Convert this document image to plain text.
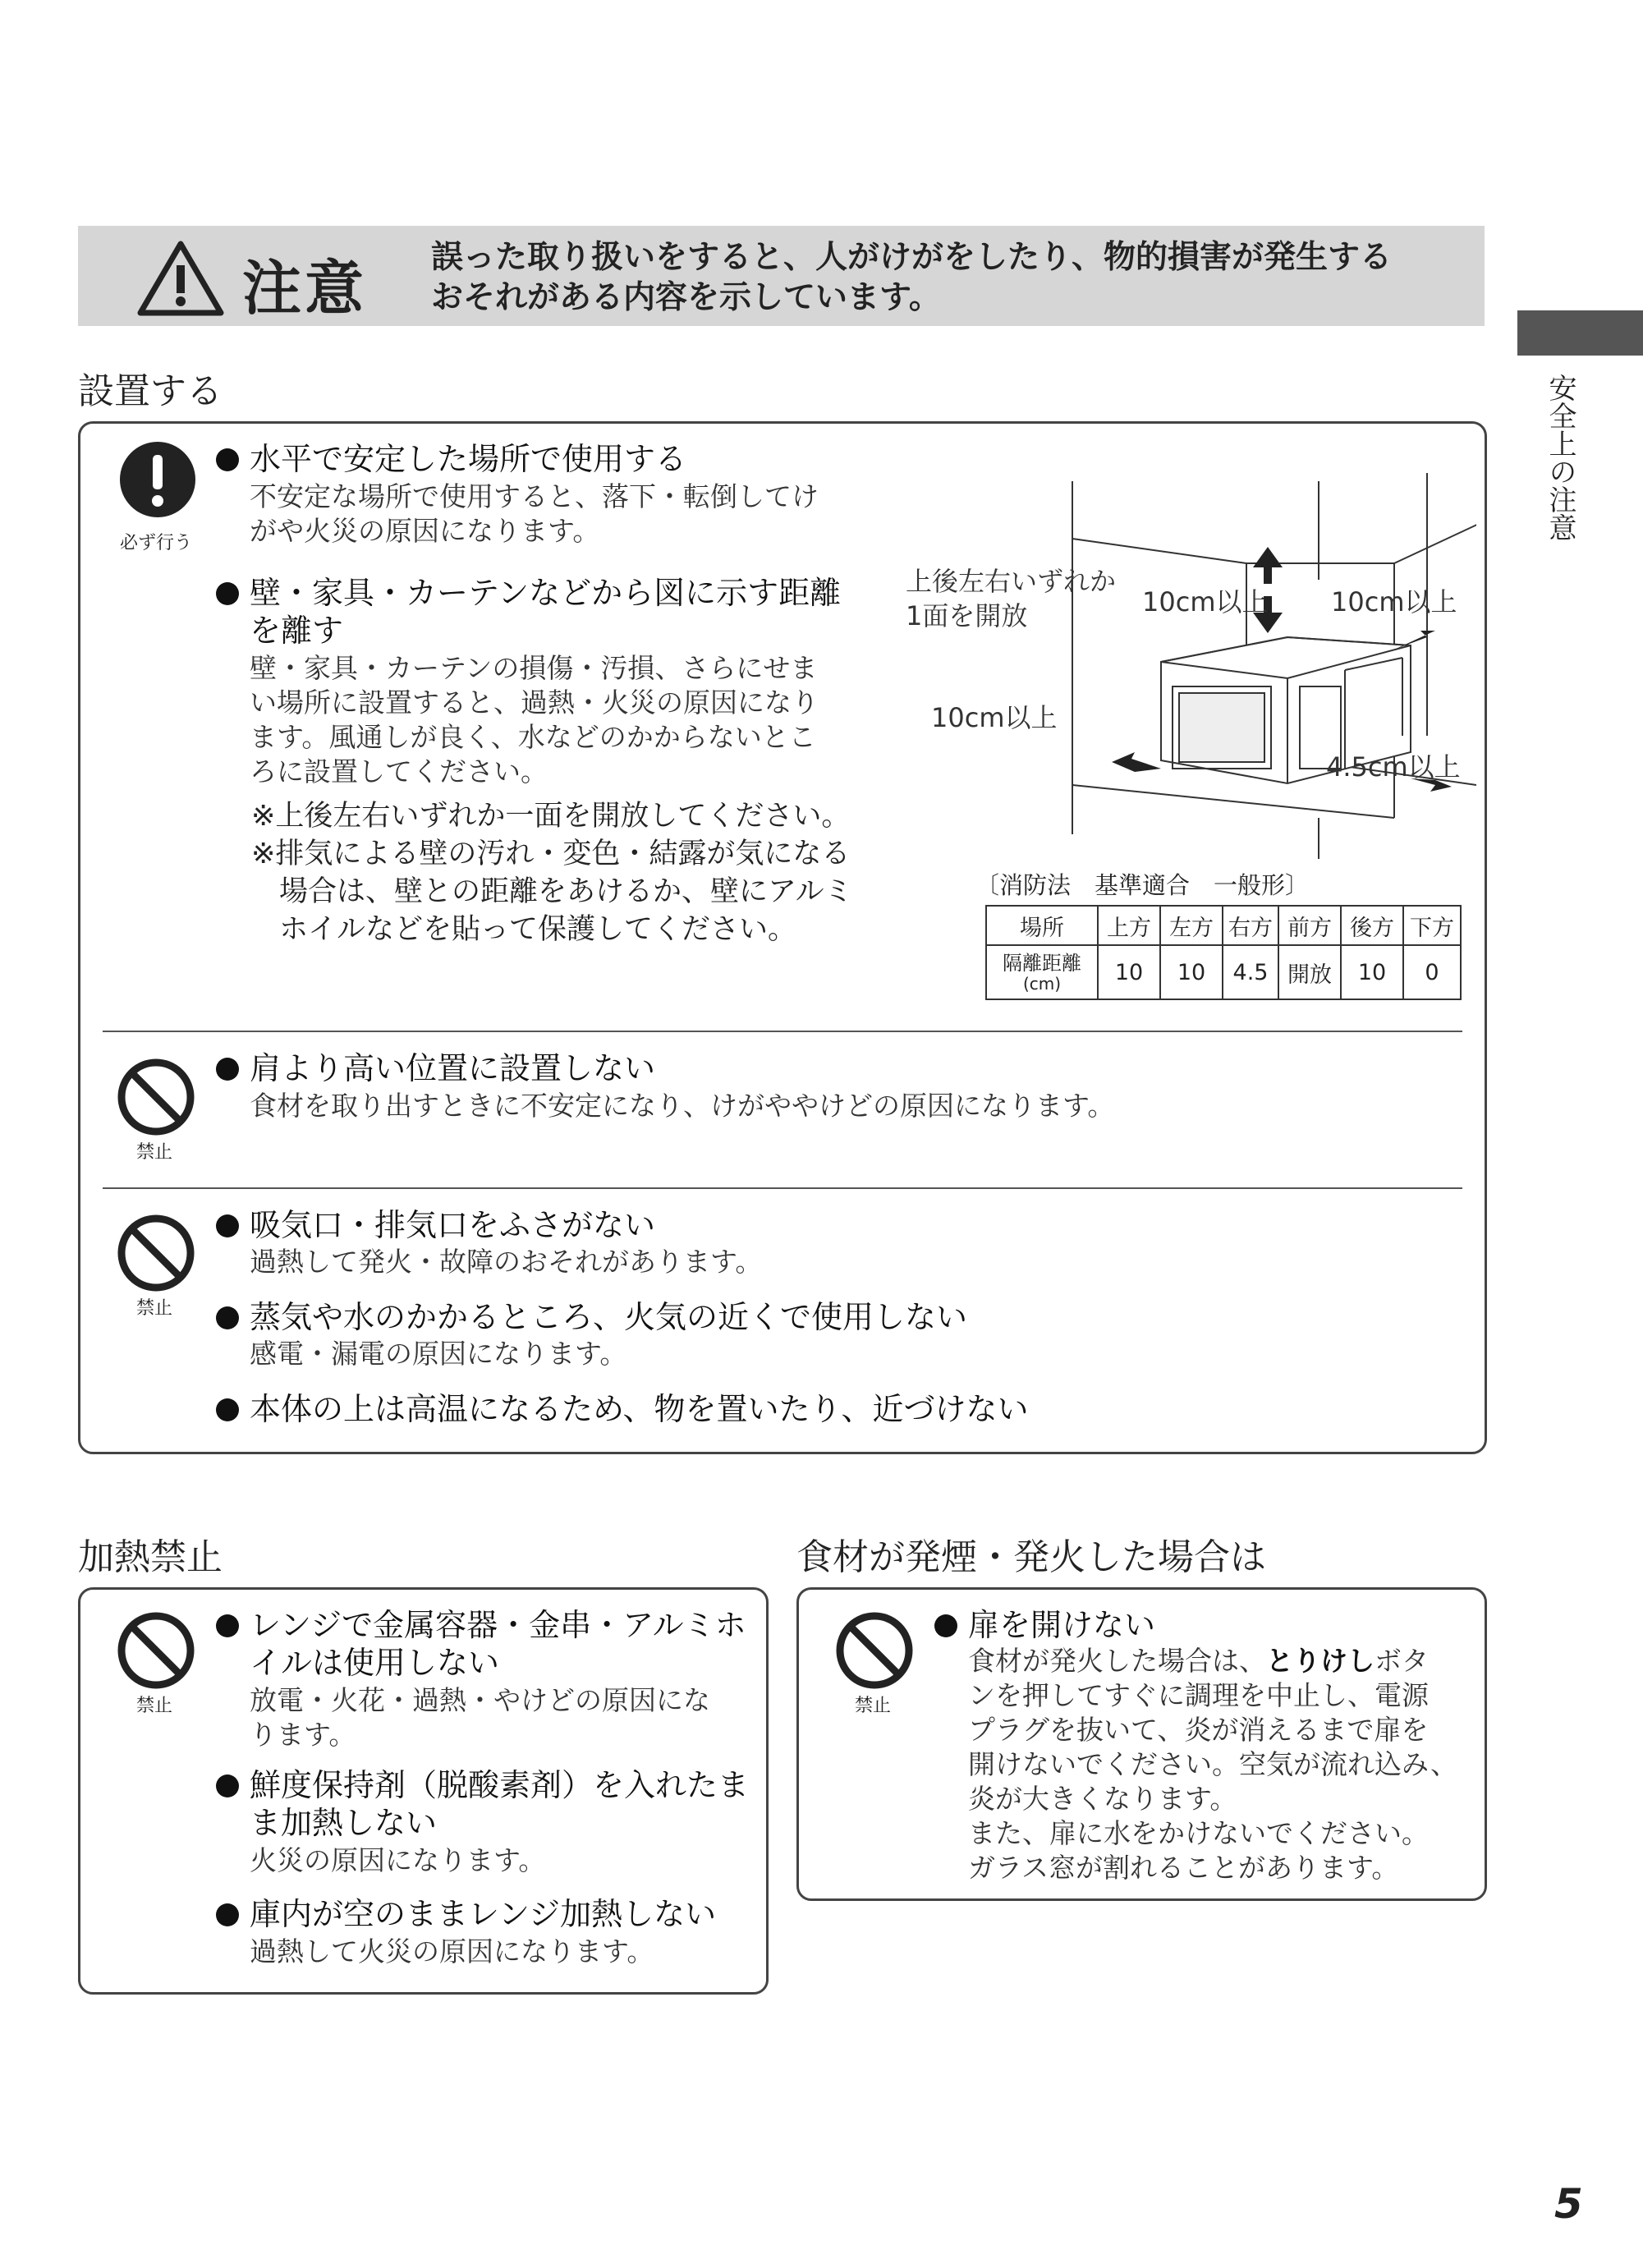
注意 誤った取り扱いをすると、人がけがをしたり、物的損害が発生する
おそれがある内容を示しています。
安全上の注意
設置する
必ず行う
水平で安定した場所で使用する
不安定な場所で使用すると、落下・転倒してけ
がや火災の原因になります。
壁・家具・カーテンなどから図に示す距離
を離す
壁・家具・カーテンの損傷・汚損、さらにせま
い場所に設置すると、過熱・火災の原因になり
ます。風通しが良く、水などのかからないとこ
ろに設置してください。
※上後左右いずれか一面を開放してください。
※排気による壁の汚れ・変色・結露が気になる
場合は、壁との距離をあけるか、壁にアルミ
ホイルなどを貼って保護してください。
上後左右いずれか
1面を開放	10cm以上 10cm以上
10cm以上
4.5cm以上
〔消防法　基準適合　一般形〕
場所	上方	左方	右方	前方	後方	下方

隔離距離
(cm)	10	10	4.5	開放	10	0
禁止
肩より高い位置に設置しない
食材を取り出すときに不安定になり、けがややけどの原因になります。
禁止
吸気口・排気口をふさがない
過熱して発火・故障のおそれがあります。
蒸気や水のかかるところ、火気の近くで使用しない
感電・漏電の原因になります。
本体の上は高温になるため、物を置いたり、近づけない
加熱禁止
禁止
レンジで金属容器・金串・アルミホ
イルは使用しない
放電・火花・過熱・やけどの原因にな
ります。
鮮度保持剤（脱酸素剤）を入れたま
ま加熱しない
火災の原因になります。
庫内が空のままレンジ加熱しない
過熱して火災の原因になります。
食材が発煙・発火した場合は
禁止
扉を開けない
食材が発火した場合は、とりけしボタ
ンを押してすぐに調理を中止し、電源
プラグを抜いて、炎が消えるまで扉を
開けないでください。空気が流れ込み、
炎が大きくなります。
また、扉に水をかけないでください。
ガラス窓が割れることがあります。
5
